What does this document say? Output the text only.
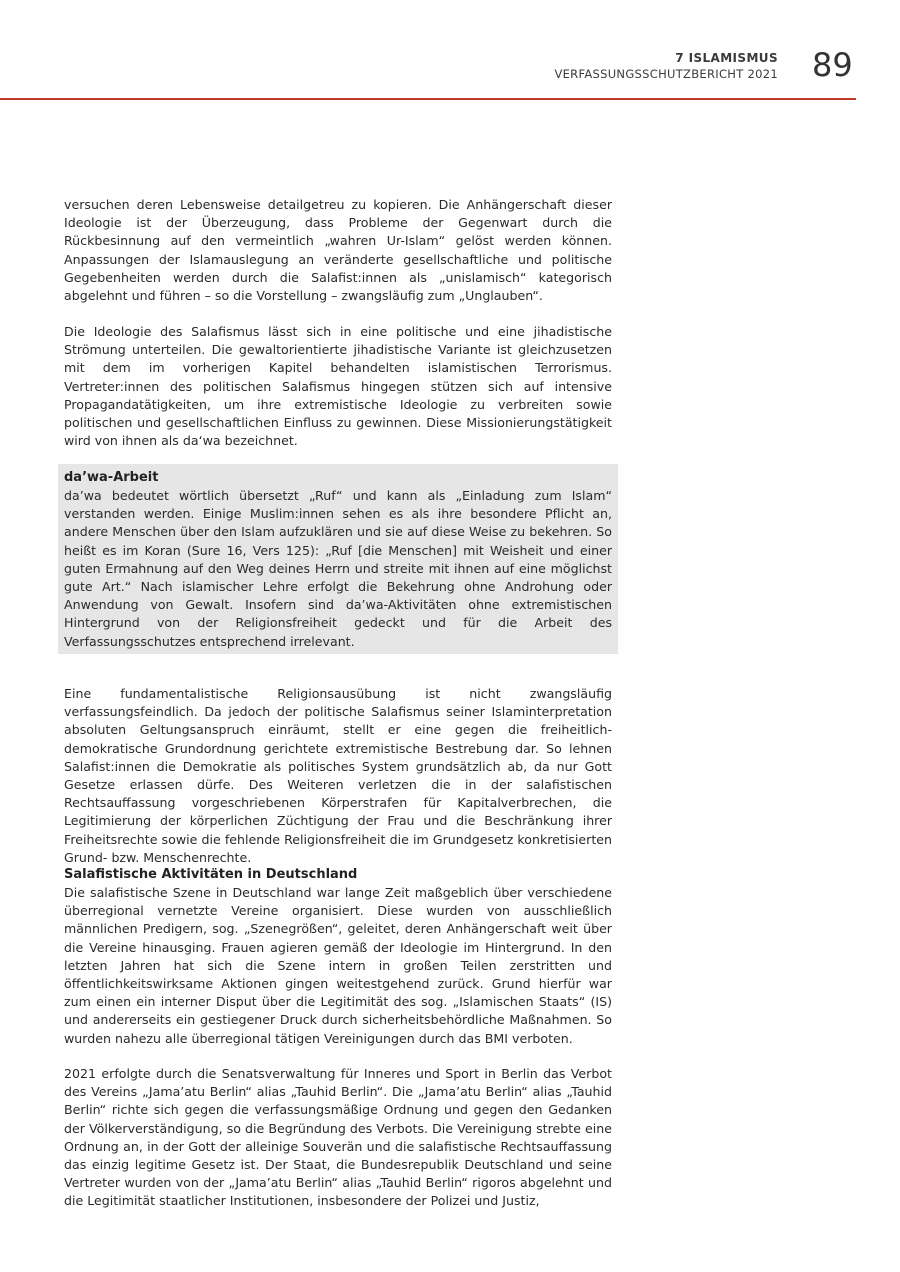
7 ISLAMISMUS
VERFASSUNGSSCHUTZBERICHT 2021 89

versuchen deren Lebensweise detailgetreu zu kopieren. Die Anhängerschaft dieser Ideologie ist der Überzeugung, dass Probleme der Gegenwart durch die Rückbesinnung auf den vermeintlich „wahren Ur-Islam“ gelöst werden können. Anpassungen der Islamauslegung an veränderte gesellschaftliche und politische Gegebenheiten werden durch die Salafist:innen als „unislamisch“ kategorisch abgelehnt und führen – so die Vorstellung – zwangsläufig zum „Unglauben“.

Die Ideologie des Salafismus lässt sich in eine politische und eine jihadistische Strömung unterteilen. Die gewaltorientierte jihadistische Variante ist gleichzusetzen mit dem im vorherigen Kapitel behandelten islamistischen Terrorismus. Vertreter:innen des politischen Salafismus hingegen stützen sich auf intensive Propagandatätigkeiten, um ihre extremistische Ideologie zu verbreiten sowie politischen und gesellschaftlichen Einfluss zu gewinnen. Diese Missionierungstätigkeit wird von ihnen als da‘wa bezeichnet.

da’wa-Arbeit

da’wa bedeutet wörtlich übersetzt „Ruf“ und kann als „Einladung zum Islam“ verstanden werden. Einige Muslim:innen sehen es als ihre besondere Pflicht an, andere Menschen über den Islam aufzuklären und sie auf diese Weise zu bekehren. So heißt es im Koran (Sure 16, Vers 125): „Ruf [die Menschen] mit Weisheit und einer guten Ermahnung auf den Weg deines Herrn und streite mit ihnen auf eine möglichst gute Art.“ Nach islamischer Lehre erfolgt die Bekehrung ohne Androhung oder Anwendung von Gewalt. Insofern sind da’wa-Aktivitäten ohne extremistischen Hintergrund von der Religionsfreiheit gedeckt und für die Arbeit des Verfassungsschutzes entsprechend irrelevant.

Eine fundamentalistische Religionsausübung ist nicht zwangsläufig verfassungsfeindlich. Da jedoch der politische Salafismus seiner Islaminterpretation absoluten Geltungsanspruch einräumt, stellt er eine gegen die freiheitlich-demokratische Grundordnung gerichtete extremistische Bestrebung dar. So lehnen Salafist:innen die Demokratie als politisches System grundsätzlich ab, da nur Gott Gesetze erlassen dürfe. Des Weiteren verletzen die in der salafistischen Rechtsauffassung vorgeschriebenen Körperstrafen für Kapitalverbrechen, die Legitimierung der körperlichen Züchtigung der Frau und die Beschränkung ihrer Freiheitsrechte sowie die fehlende Religionsfreiheit die im Grundgesetz konkretisierten Grund- bzw. Menschenrechte.

Salafistische Aktivitäten in Deutschland

Die salafistische Szene in Deutschland war lange Zeit maßgeblich über verschiedene überregional vernetzte Vereine organisiert. Diese wurden von ausschließlich männlichen Predigern, sog. „Szenegrößen“, geleitet, deren Anhängerschaft weit über die Vereine hinausging. Frauen agieren gemäß der Ideologie im Hintergrund. In den letzten Jahren hat sich die Szene intern in großen Teilen zerstritten und öffentlichkeitswirksame Aktionen gingen weitestgehend zurück. Grund hierfür war zum einen ein interner Disput über die Legitimität des sog. „Islamischen Staats“ (IS) und andererseits ein gestiegener Druck durch sicherheitsbehördliche Maßnahmen. So wurden nahezu alle überregional tätigen Vereinigungen durch das BMI verboten.

2021 erfolgte durch die Senatsverwaltung für Inneres und Sport in Berlin das Verbot des Vereins „Jama’atu Berlin“ alias „Tauhid Berlin“. Die „Jama’atu Berlin“ alias „Tauhid Berlin“ richte sich gegen die verfassungsmäßige Ordnung und gegen den Gedanken der Völkerverständigung, so die Begründung des Verbots. Die Vereinigung strebte eine Ordnung an, in der Gott der alleinige Souverän und die salafistische Rechtsauffassung das einzig legitime Gesetz ist. Der Staat, die Bundesrepublik Deutschland und seine Vertreter wurden von der „Jama’atu Berlin“ alias „Tauhid Berlin“ rigoros abgelehnt und die Legitimität staatlicher Institutionen, insbesondere der Polizei und Justiz,
